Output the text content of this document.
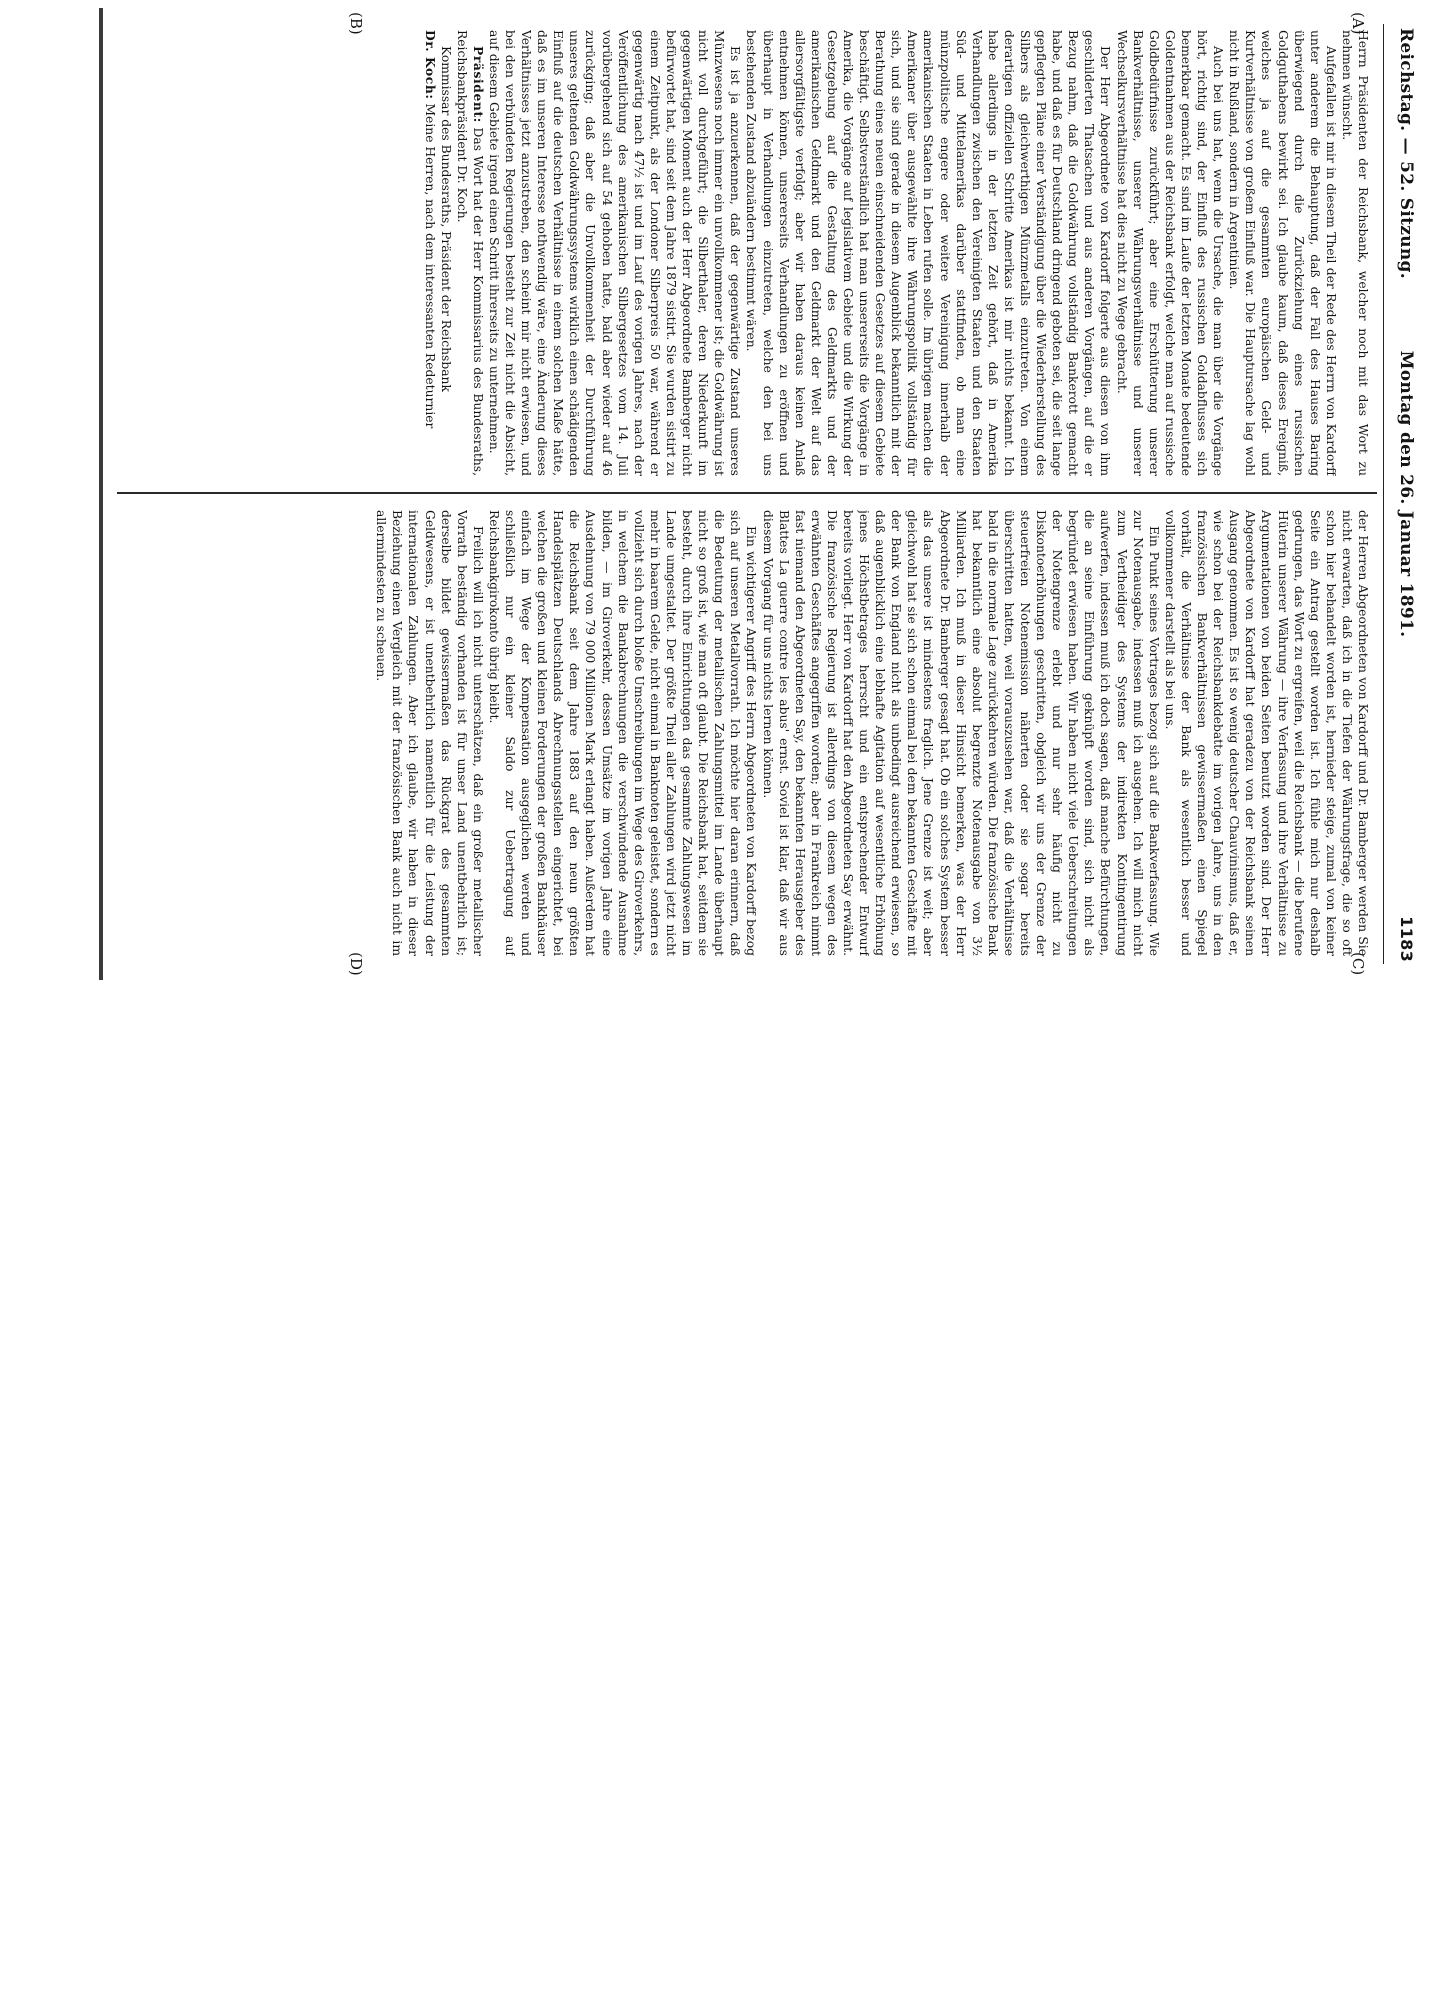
Reichstag. — 52. Sitzung.
Montag den 26. Januar 1891.
1183
(A)
(B)
(C)
(D)

Herrn Präsidenten der Reichsbank, welcher noch mit das Wort zu nehmen wünscht.

Aufgefallen ist mir in diesem Theil der Rede des Herrn von Kardorff unter anderem die Behauptung, daß der Fall des Hauses Baring überwiegend durch die Zurückziehung eines russischen Goldguthabens bewirkt sei. Ich glaube kaum, daß dieses Ereigniß, welches ja auf die gesammten europäischen Geld- und Kurtverhältnisse von großem Einfluß war. Die Hauptursache lag wohl nicht in Rußland, sondern in Argentinien.

Auch bei uns hat, wenn die Ursache, die man über die Vorgänge hört, richtig sind, der Einfluß des russischen Goldabflusses sich bemerkbar gemacht. Es sind im Laufe der letzten Monate bedeutende Goldentnahmen aus der Reichsbank erfolgt, welche man auf russische Goldbedürfnisse zurückführt; aber eine Erschütterung unserer Bankverhältnisse, unserer Währungsverhältnisse und unserer Wechselkursverhältnisse hat dies nicht zu Wege gebracht.

Der Herr Abgeordnete von Kardorff folgerte aus diesen von ihm geschilderten Thatsachen und aus anderen Vorgängen, auf die er Bezug nahm, daß die Goldwährung vollständig Bankerott gemacht habe, und daß es für Deutschland dringend geboten sei, die seit lange gepflegten Pläne einer Verständigung über die Wiederherstellung des Silbers als gleichwerthigen Münzmetalls einzutreten. Von einem derartigen offiziellen Schritte Amerikas ist mir nichts bekannt. Ich habe allerdings in der letzten Zeit gehört, daß in Amerika Verhandlungen zwischen den Vereinigten Staaten und den Staaten Süd- und Mittelamerikas darüber stattfinden, ob man eine münzpolitische engere oder weitere Vereinigung innerhalb der amerikanischen Staaten in Leben rufen solle. Im übrigen machen die Amerikaner über ausgewählte ihre Währungspolitik vollständig für sich, und sie sind gerade in diesem Augenblick bekanntlich mit der Berathung eines neuen einschneidenden Gesetzes auf diesem Gebiete beschäftigt. Selbstverständlich hat man unsererseits die Vorgänge in Amerika, die Vorgänge auf legislativem Gebiete und die Wirkung der Gesetzgebung auf die Gestaltung des Geldmarkts und der amerikanischen Geldmarkt und den Geldmarkt der Welt auf das allersorgfältigste verfolgt; aber wir haben daraus keinen Anlaß entnehmen können, unsererseits Verhandlungen zu eröffnen und überhaupt in Verhandlungen einzutreten, welche den bei uns bestehenden Zustand abzuändern bestimmt wären.

Es ist ja anzuerkennen, daß der gegenwärtige Zustand unseres Münzwesens noch immer ein unvollkommener ist; die Goldwährung ist nicht voll durchgeführt; die Silberthaler, deren Niederkunft im gegenwärtigen Moment auch der Herr Abgeordnete Bamberger nicht befürwortet hat, sind seit dem Jahre 1879 sistirt. Sie wurden sistirt zu einem Zeitpunkt, als der Londoner Silberpreis 50 war, während er gegenwärtig nach 47½ ist und im Lauf des vorigen Jahres, nach der Veröffentlichung des amerikanischen Silbergesetzes vom 14. Juli vorübergehend sich auf 54 gehoben hatte, bald aber wieder auf 46 zurückging; daß aber die Unvollkommenheit der Durchführung unseres geltenden Goldwährungssystems wirklich einen schädigenden Einfluß auf die deutschen Verhältnisse in einem solchen Maße hätte, daß es im unseren Interesse nothwendig wäre, eine Änderung dieses Verhältnisses jetzt anzustreben, den scheint mir nicht erwiesen, und bei den verbündeten Regierungen besteht zur Zeit nicht die Absicht, auf diesem Gebiete irgend einen Schritt ihrerseits zu unternehmen.

Präsident: Das Wort hat der Herr Kommissarius des Bundesraths, Reichsbankpräsident Dr. Koch.

Kommissar des Bundesraths, Präsident der Reichsbank

Dr. Koch: Meine Herren, nach dem interessanten Redeturnier

der Herren Abgeordneten von Kardorff und Dr. Bamberger werden Sie nicht erwarten, daß ich in die Tiefen der Währungsfrage, die so oft schon hier behandelt worden ist, hernieder steige, zumal von keiner Seite ein Antrag gestellt worden ist. Ich fühle mich nur deshalb gedrungen, das Wort zu ergreifen, weil die Reichsbank — die berufene Hüterin unserer Währung — ihre Verfassung und ihre Verhältnisse zu Argumentationen von beiden Seiten benutzt worden sind. Der Herr Abgeordnete von Kardorff hat geradezu von der Reichsbank seinen Ausgang genommen. Es ist so wenig deutscher Chauvinismus, daß er, wie schon bei der Reichsbankdebatte im vorigen Jahre, uns in den französischen Bankverhältnissen gewissermaßen einen Spiegel vorhält, die Verhältnisse der Bank als wesentlich besser und vollkommener darstellt als bei uns.

Ein Punkt seines Vortrages bezog sich auf die Bankverfassung. Wie zur Notenausgabe, indessen muß ich ausgehen. Ich will mich nicht zum Vertheidiger des Systems der indirekten Kontingentirung aufwerfen, indessen muß ich doch sagen, daß manche Befürchtungen, die an seine Einführung geknüpft worden sind, sich nicht als begründet erwiesen haben. Wir haben nicht viele Ueberschreitungen der Notengrenze erlebt und nur sehr häufig nicht zu Diskontoerhöhungen geschritten, obgleich wir uns der Grenze der steuerfreien Notenemission näherten oder sie sogar bereits überschritten hatten, weil vorauszusehen war, daß die Verhältnisse bald in die normale Lage zurückkehren würden. Die französische Bank hat bekanntlich eine absolut begrenzte Notenausgabe von 3½ Milliarden. Ich muß in dieser Hinsicht bemerken, was der Herr Abgeordnete Dr. Bamberger gesagt hat. Ob ein solches System besser als das unsere ist mindestens fraglich. Jene Grenze ist weit; aber gleichwohl hat sie sich schon einmal bei dem bekannten Geschäfte mit der Bank von England nicht als unbedingt ausreichend erwiesen, so daß augenblicklich eine lebhafte Agitation auf wesentliche Erhöhung jenes Höchstbetrages herrscht und ein entsprechender Entwurf bereits vorliegt. Herr von Kardorff hat den Abgeordneten Say erwähnt. Die französische Regierung ist allerdings von diesem wegen des erwähnten Geschäftes angegriffen worden; aber in Frankreich nimmt fast niemand den Abgeordneten Say, den bekannten Herausgeber des Blattes La guerre contre les abus' ernst. Soviel ist klar, daß wir aus diesem Vorgang für uns nichts lernen können.

Ein wichtigerer Angriff des Herrn Abgeordneten von Kardorff bezog sich auf unseren Metallvorrath. Ich möchte hier daran erinnern, daß die Bedeutung der metallischen Zahlungsmittel im Lande überhaupt nicht so groß ist, wie man oft glaubt. Die Reichsbank hat, seitdem sie besteht, durch ihre Einrichtungen das gesammte Zahlungswesen im Lande umgestaltet. Der größte Theil aller Zahlungen wird jetzt nicht mehr in baarem Gelde, nicht einmal in Banknoten geleistet, sondern es vollzieht sich durch bloße Umschreibungen im Wege des Giroverkehrs, in welchem die Bankabrechnungen die verschwindende Ausnahme bilden, — im Giroverkehr, dessen Umsätze im vorigen Jahre eine Ausdehnung von 79 000 Millionen Mark erlangt haben. Außerdem hat die Reichsbank seit dem Jahre 1883 auf den neun größten Handelsplätzen Deutschlands Abrechnungsstellen eingerichtet, bei welchen die großen und kleinen Forderungen der großen Bankhäuser einfach im Wege der Kompensation ausgeglichen werden und schließlich nur ein kleiner Saldo zur Uebertragung auf Reichsbankgirokonto übrig bleibt.

Freilich will ich nicht unterschätzen, daß ein großer metallischer Vorrath beständig vorhanden ist für unser Land unentbehrlich ist; derselbe bildet gewissermaßen das Rückgrat des gesammten Geldwesens, er ist unentbehrlich namentlich für die Leistung der internationalen Zahlungen. Aber ich glaube, wir haben in dieser Beziehung einen Vergleich mit der französischen Bank auch nicht im allermindesten zu scheuen.
